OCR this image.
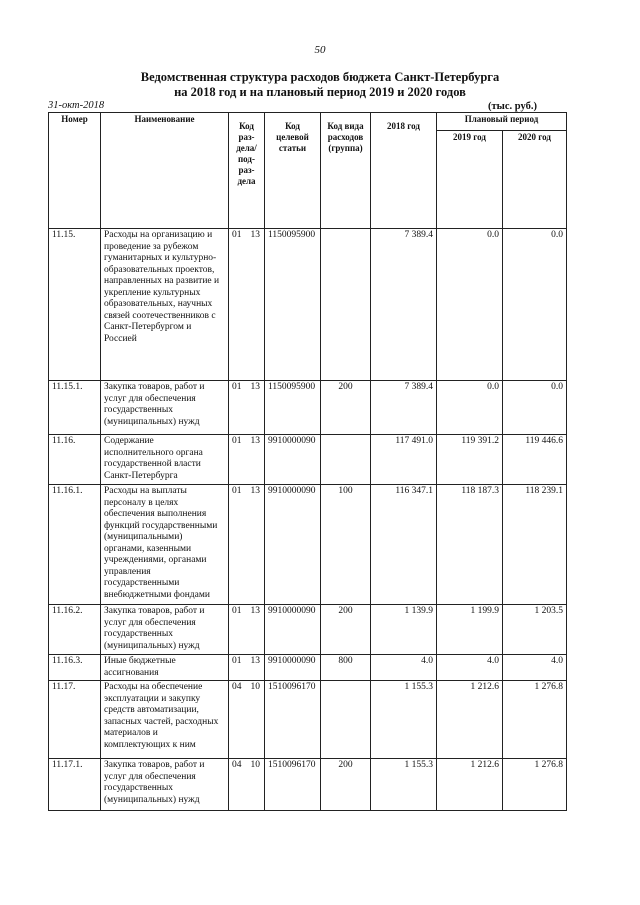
50
Ведомственная структура расходов бюджета Санкт-Петербурга
на 2018 год и на плановый период 2019 и 2020 годов
31-окт-2018	(тыс. руб.)
Номер	Наименование	Код раз-дела/ под-раз-дела	Код целевой статьи	Код вида расходов (группа)	2018 год	Плановый период	
						2019 год	2020 год
11.15.	Расходы на организацию и проведение за рубежом гуманитарных и культурно-образовательных проектов, направленных на развитие и укрепление культурных образовательных, научных связей соотечественников с Санкт-Петербургом и Россией	01 13	1150095900		7 389.4	0.0	0.0
11.15.1.	Закупка товаров, работ и услуг для обеспечения государственных (муниципальных) нужд	01 13	1150095900	200	7 389.4	0.0	0.0
11.16.	Содержание исполнительного органа государственной власти Санкт-Петербурга	01 13	9910000090		117 491.0	119 391.2	119 446.6
11.16.1.	Расходы на выплаты персоналу в целях обеспечения выполнения функций государственными (муниципальными) органами, казенными учреждениями, органами управления государственными внебюджетными фондами	01 13	9910000090	100	116 347.1	118 187.3	118 239.1
11.16.2.	Закупка товаров, работ и услуг для обеспечения государственных (муниципальных) нужд	01 13	9910000090	200	1 139.9	1 199.9	1 203.5
11.16.3.	Иные бюджетные ассигнования	01 13	9910000090	800	4.0	4.0	4.0
11.17.	Расходы на обеспечение эксплуатации и закупку средств автоматизации, запасных частей, расходных материалов и комплектующих к ним	04 10	1510096170		1 155.3	1 212.6	1 276.8
11.17.1.	Закупка товаров, работ и услуг для обеспечения государственных (муниципальных) нужд	04 10	1510096170	200	1 155.3	1 212.6	1 276.8
